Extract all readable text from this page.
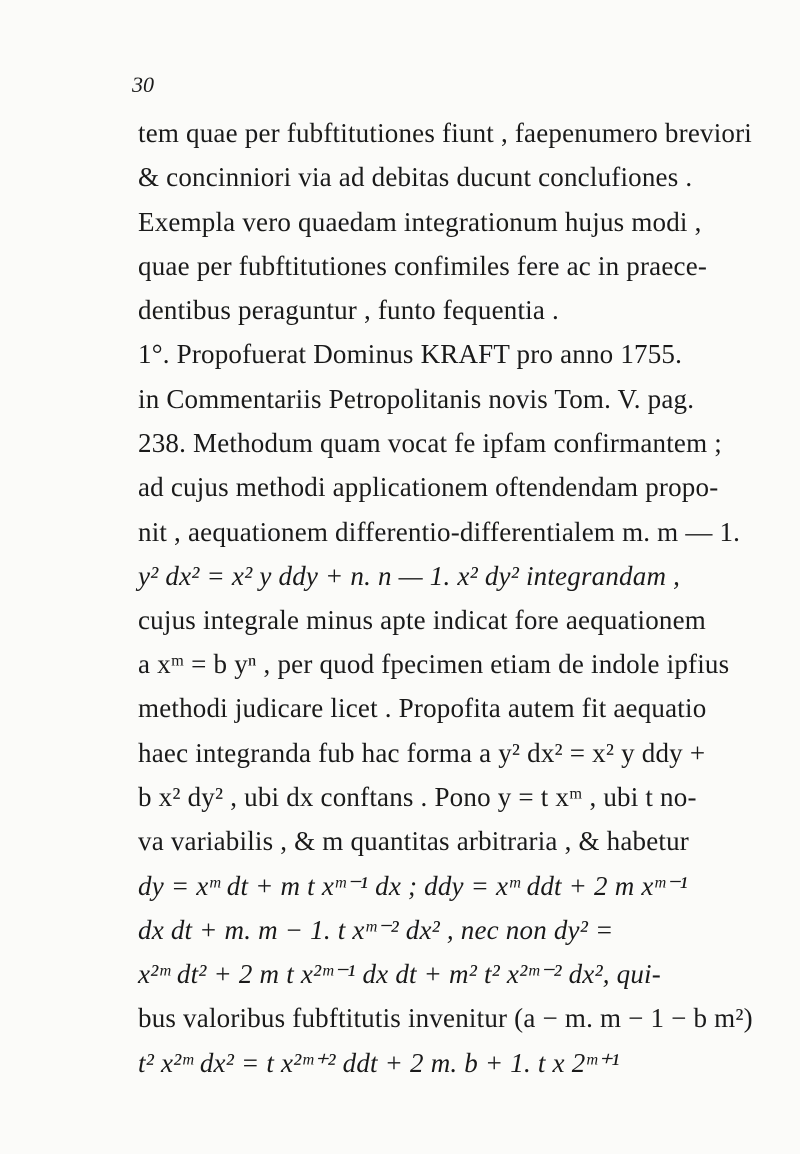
30
tem quae per fubftitutiones fiunt , faepenumero breviori
& concinniori via ad debitas ducunt conclufiones .
Exempla vero quaedam integrationum hujus modi ,
quae per fubftitutiones confimiles fere ac in praece-
dentibus peraguntur , funto fequentia .
1°. Propofuerat Dominus KRAFT pro anno 1755.
in Commentariis Petropolitanis novis Tom. V. pag.
238. Methodum quam vocat fe ipfam confirmantem ;
ad cujus methodi applicationem oftendendam propo-
nit , aequationem differentio-differentialem m. m — 1.
y² dx² = x² y ddy + n. n — 1. x² dy² integrandam ,
cujus integrale minus apte indicat fore aequationem
a xᵐ = b yⁿ , per quod fpecimen etiam de indole ipfius
methodi judicare licet . Propofita autem fit aequatio
haec integranda fub hac forma a y² dx² = x² y ddy +
b x² dy² , ubi dx conftans . Pono y = t xᵐ , ubi t no-
va variabilis , & m quantitas arbitraria , & habetur
dy = xᵐ dt + m t xᵐ⁻¹ dx ; ddy = xᵐ ddt + 2 m xᵐ⁻¹
dx dt + m. m − 1. t xᵐ⁻² dx² , nec non dy² =
x²ᵐ dt² + 2 m t x²ᵐ⁻¹ dx dt + m² t² x²ᵐ⁻² dx², qui-
bus valoribus fubftitutis invenitur (a − m. m − 1 − b m²)
t² x²ᵐ dx² = t x²ᵐ⁺² ddt + 2 m. b + 1. t x 2ᵐ⁺¹
